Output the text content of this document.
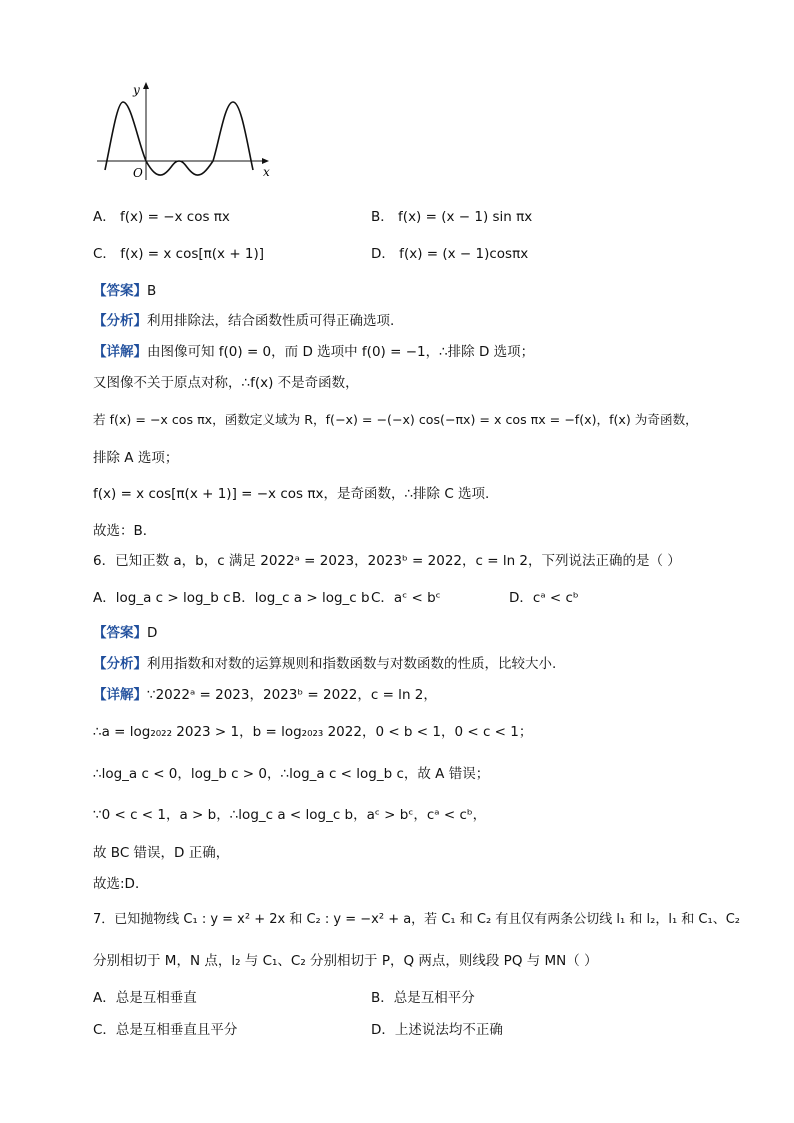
y
x
O
A． f(x) = −x cos πx	B． f(x) = (x − 1) sin πx
C． f(x) = x cos[π(x + 1)]	D． f(x) = (x − 1)cosπx
【答案】B
【分析】利用排除法，结合函数性质可得正确选项.
【详解】由图像可知 f(0) = 0，而 D 选项中 f(0) = −1，∴排除 D 选项；
又图像不关于原点对称，∴f(x) 不是奇函数，
若 f(x) = −x cos πx，函数定义域为 R，f(−x) = −(−x) cos(−πx) = x cos πx = −f(x)，f(x) 为奇函数，
排除 A 选项；
f(x) = x cos[π(x + 1)] = −x cos πx，是奇函数，∴排除 C 选项.
故选：B．
6．已知正数 a，b，c 满足 2022ᵃ = 2023，2023ᵇ = 2022，c = ln 2，下列说法正确的是（ ）
A．log_a c > log_b c B．log_c a > log_c b C．aᶜ < bᶜ	D．cᵃ < cᵇ
【答案】D
【分析】利用指数和对数的运算规则和指数函数与对数函数的性质，比较大小.
【详解】∵2022ᵃ = 2023，2023ᵇ = 2022，c = ln 2，
∴a = log₂₀₂₂ 2023 > 1，b = log₂₀₂₃ 2022，0 < b < 1，0 < c < 1；
∴log_a c < 0，log_b c > 0，∴log_a c < log_b c，故 A 错误；
∵0 < c < 1，a > b，∴log_c a < log_c b，aᶜ > bᶜ，cᵃ < cᵇ，
故 BC 错误，D 正确，
故选:D．
7．已知抛物线 C₁ : y = x² + 2x 和 C₂ : y = −x² + a，若 C₁ 和 C₂ 有且仅有两条公切线 l₁ 和 l₂，l₁ 和 C₁、C₂
分别相切于 M，N 点，l₂ 与 C₁、C₂ 分别相切于 P，Q 两点，则线段 PQ 与 MN（ ）
A．总是互相垂直	B．总是互相平分
C．总是互相垂直且平分	D．上述说法均不正确
